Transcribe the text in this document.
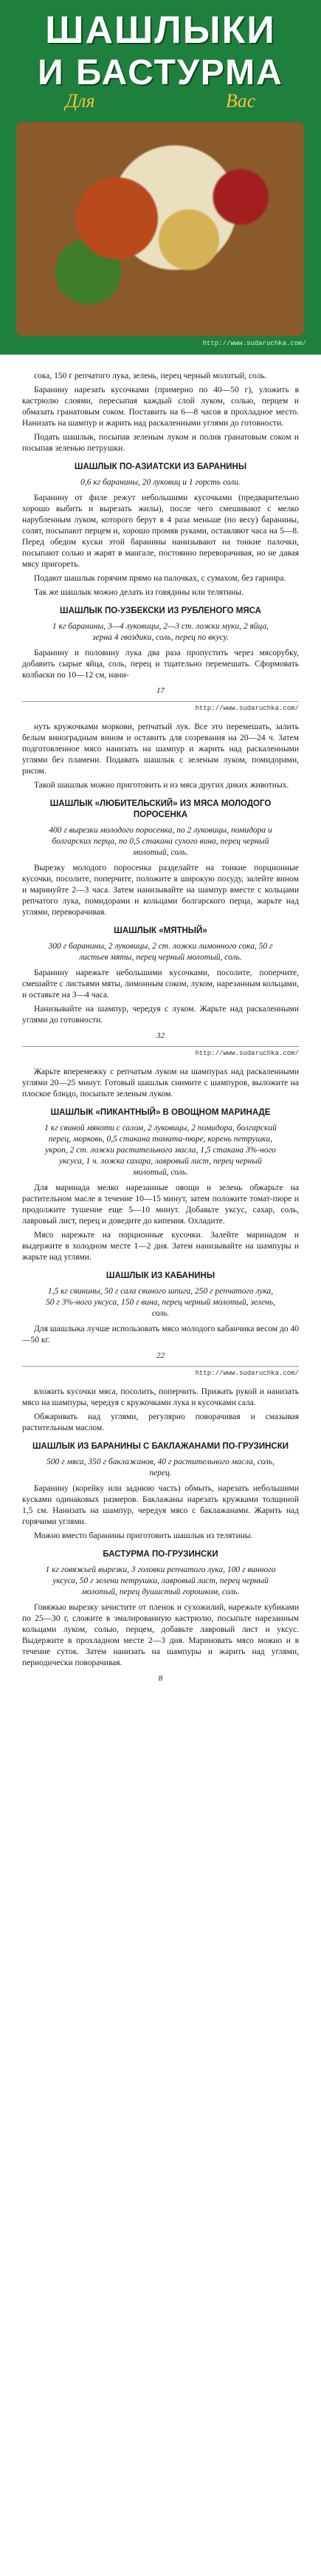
ШАШЛЫКИ
И БАСТУРМА
Для	Вас
http://www.sudaruchka.com/

сока, 150 г репчатого лука, зелень, перец черный молотый, соль.

Баранину нарезать кусочками (примерно по 40—50 г), уложить в кастрюлю слоями, пересыпая каждый слой луком, солью, перцем и обмазать гранатовым соком. Поставить на 6—8 часов в прохладное место. Нанизать на шампур и жарить над раскаленными углями до готовности.

Подать шашлык, посыпав зеленым луком и полив гранатовым соком и посыпав зеленью петрушки.

ШАШЛЫК ПО-АЗИАТСКИ ИЗ БАРАНИНЫ
0,6 кг баранины, 20 луковиц и 1 горсть соли.

Баранину от филе режут небольшими кусочками (предварительно хорошо выбить и вырезать жилы), после чего смешивают с мелко нарубленным луком, которого берут в 4 раза меньше (по весу) баранины, солят, посыпают перцем и, хорошо промяв руками, оставляют часа на 5—8. Перед обедом куски этой баранины нанизывают на тонкие палочки, посыпают солью и жарят в мангале, постоянно переворачивая, но не давая мясу пригореть.

Подают шашлык горячим прямо на палочках, с сумахом, без гарнира.

Так же шашлык можно делать из говядины или телятины.

ШАШЛЫК ПО-УЗБЕКСКИ ИЗ РУБЛЕНОГО МЯСА
1 кг баранины, 3—4 луковицы, 2—3 ст. ложки муки, 2 яйца, зерна 4 гвоздики, соль, перец по вкусу.

Баранину и половину лука два раза пропустить через мясорубку, добавить сырые яйца, соль, перец и тщательно перемешать. Сформовать колбаски по 10—12 см, нани-

17
http://www.sudaruchka.com/

нуть кружочками моркови, репчатый лук. Все это перемешать, залить белым виноградным вином и оставить для созревания на 20—24 ч. Затем подготовленное мясо нанизать на шампур и жарить над раскаленными углями без пламени. Подавать шашлык с зеленым луком, помидорами, рисом.

Такой шашлык можно приготовить и из мяса других диких животных.

ШАШЛЫК «ЛЮБИТЕЛЬСКИЙ» ИЗ МЯСА МОЛОДОГО ПОРОСЕНКА
400 г вырезки молодого поросенка, по 2 луковицы, помидора и болгарских перца, по 0,5 стакана сухого вина, перец черный молотый, соль.

Вырезку молодого поросенка разделайте на тонкие порционные кусочки, посолите, поперчите, положите в широкую посуду, залейте вином и маринуйте 2—3 часа. Затем нанизывайте на шампур вместе с кольцами репчатого лука, помидорами и кольцами болгарского перца, жарьте над углями, переворачивая.

ШАШЛЫК «МЯТНЫЙ»
300 г баранины, 2 луковицы, 2 ст. ложки лимонного сока, 50 г листьев мяты, перец черный молотый, соль.

Баранину нарежьте небольшими кусочками, посолите, поперчите, смешайте с листьями мяты, лимонным соком, луком, нарезанным кольцами, и оставьте на 3—4 часа.

Нанизывайте на шампур, чередуя с луком. Жарьте над раскаленными углями до готовности.

32
http://www.sudaruchka.com/

Жарьте вперемежку с репчатым луком на шампурах над раскаленными углями 20—25 минут. Готовый шашлык снимите с шампуров, выложите на плоское блюдо, посыпьте зеленым луком.

ШАШЛЫК «ПИКАНТНЫЙ» В ОВОЩНОМ МАРИНАДЕ
1 кг свиной мякоти с салом, 2 луковицы, 2 помидора, болгарский перец, морковь, 0,5 стакана томата-пюре, корень петрушки, укроп, 2 ст. ложки растительного масла, 1,5 стакана 3%-ного уксуса, 1 ч. ложка сахара, лавровый лист, перец черный молотый, соль.

Для маринада мелко нарезанные овощи и зелень обжарьте на растительном масле в течение 10—15 минут, затем положите томат-пюре и продолжите тушение еще 5—10 минут. Добавьте уксус, сахар, соль, лавровый лист, перец и доведите до кипения. Охладите.

Мясо нарежьте на порционные кусочки. Залейте маринадом и выдержите в холодном месте 1—2 дня. Затем нанизывайте на шампуры и жарьте над углями.

ШАШЛЫК ИЗ КАБАНИНЫ
1,5 кг свинины, 50 г сала свиного шпига, 250 г репчатого лука, 50 г 3%-ного уксуса, 150 г вина, перец черный молотый, зелень, соль.

Для шашлыка лучше использовать мясо молодого кабанчика весом до 40—50 кг.

22
http://www.sudaruchka.com/

вложить кусочки мяса, посолить, поперчить. Прижать рукой и нанизать мясо на шампуры, чередуя с кружочками лука и кусочками сала.

Обжаривать над углями, регулярно поворачивая и смазывая растительным маслом.

ШАШЛЫК ИЗ БАРАНИНЫ С БАКЛАЖАНАМИ ПО-ГРУЗИНСКИ
500 г мяса, 350 г баклажанов, 40 г растительного масла, соль, перец.

Баранину (корейку или заднюю часть) обмыть, нарезать небольшими кусками одинаковых размеров. Баклажаны нарезать кружками толщиной 1,5 см. Нанизать на шампур, чередуя мясо с баклажанами. Жарить над горячими углями.

Можно вместо баранины приготовить шашлык из телятины.

БАСТУРМА ПО-ГРУЗИНСКИ
1 кг говяжьей вырезки, 3 головки репчатого лука, 100 г винного уксуса, 50 г зелени петрушки, лавровый лист, перец черный молотый, перец душистый горошком, соль.

Говяжью вырезку зачистите от пленок и сухожилий, нарежьте кубиками по 25—30 г, сложите в эмалированную кастрюлю, посыпьте нарезанным кольцами луком, солью, перцем, добавьте лавровый лист и уксус. Выдержите в прохладном месте 2—3 дня. Мариновать мясо можно и в течение суток. Затем нанизать на шампуры и жарить над углями, периодически поворачивая.

8
